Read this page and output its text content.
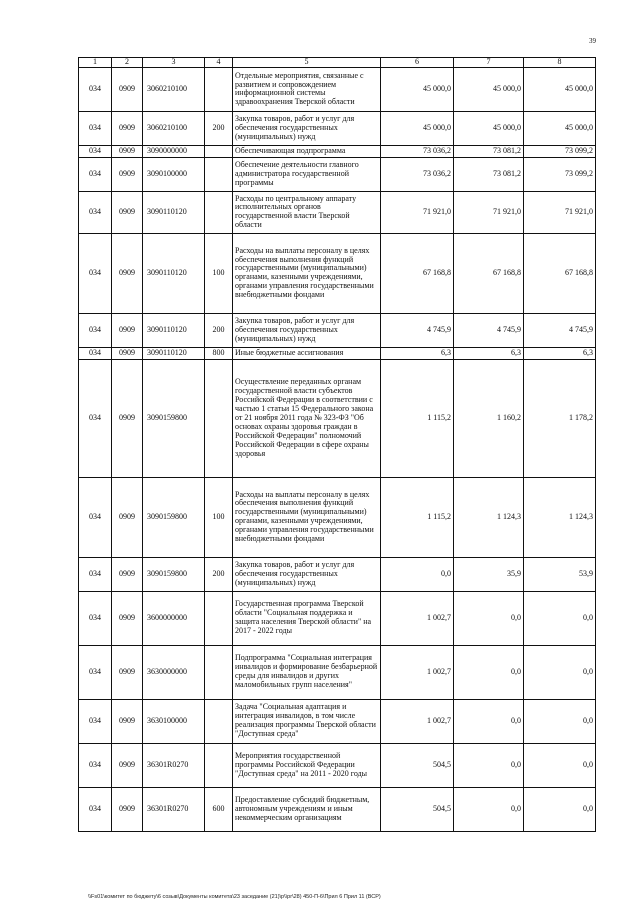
39
1	2	3	4	5	6	7	8
034	0909	3060210100		Отдельные мероприятия, связанные с развитием и сопровождением информационной системы здравоохранения Тверской области	45 000,0	45 000,0	45 000,0
034	0909	3060210100	200	Закупка товаров, работ и услуг для обеспечения государственных (муниципальных) нужд	45 000,0	45 000,0	45 000,0
034	0909	3090000000		Обеспечивающая подпрограмма	73 036,2	73 081,2	73 099,2
034	0909	3090100000		Обеспечение деятельности главного администратора государственной программы	73 036,2	73 081,2	73 099,2
034	0909	3090110120		Расходы по центральному аппарату исполнительных органов государственной власти Тверской области	71 921,0	71 921,0	71 921,0
034	0909	3090110120	100	Расходы на выплаты персоналу в целях обеспечения выполнения функций государственными (муниципальными) органами, казенными учреждениями, органами управления государственными внебюджетными фондами	67 168,8	67 168,8	67 168,8
034	0909	3090110120	200	Закупка товаров, работ и услуг для обеспечения государственных (муниципальных) нужд	4 745,9	4 745,9	4 745,9
034	0909	3090110120	800	Иные бюджетные ассигнования	6,3	6,3	6,3
034	0909	3090159800		Осуществление переданных органам государственной власти субъектов Российской Федерации в соответствии с частью 1 статьи 15 Федерального закона от 21 ноября 2011 года № 323-ФЗ "Об основах охраны здоровья граждан в Российской Федерации" полномочий Российской Федерации в сфере охраны здоровья	1 115,2	1 160,2	1 178,2
034	0909	3090159800	100	Расходы на выплаты персоналу в целях обеспечения выполнения функций государственными (муниципальными) органами, казенными учреждениями, органами управления государственными внебюджетными фондами	1 115,2	1 124,3	1 124,3
034	0909	3090159800	200	Закупка товаров, работ и услуг для обеспечения государственных (муниципальных) нужд	0,0	35,9	53,9
034	0909	3600000000		Государственная программа Тверской области "Социальная поддержка и защита населения Тверской области" на 2017 - 2022 годы	1 002,7	0,0	0,0
034	0909	3630000000		Подпрограмма "Социальная интеграция инвалидов и формирование безбарьерной среды для инвалидов и других маломобильных групп населения"	1 002,7	0,0	0,0
034	0909	3630100000		Задача "Социальная адаптация и интеграция инвалидов, в том числе реализация программы Тверской области "Доступная среда"	1 002,7	0,0	0,0
034	0909	36301R0270		Мероприятия государственной программы Российской Федерации "Доступная среда" на 2011 - 2020 годы	504,5	0,0	0,0
034	0909	36301R0270	600	Предоставление субсидий бюджетным, автономным учреждениям и иным некоммерческим организациям	504,5	0,0	0,0
\\Fs01\комитет по бюджету\6 созыв\Документы комитета\23 заседание (21)\p\\pr\28) 450-П-6\Прил 6 Прил 11 (ВСР)
